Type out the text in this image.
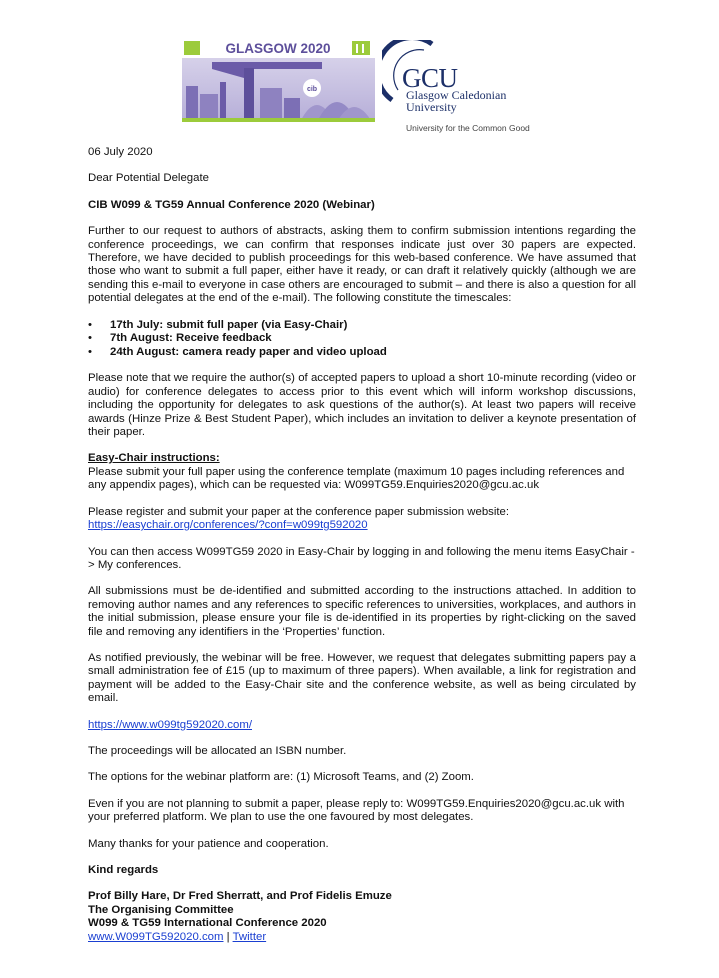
GLASGOW 2020
cib	GCU
Glasgow Caledonian
University
University for the Common Good

06 July 2020

Dear Potential Delegate

CIB W099 & TG59 Annual Conference 2020 (Webinar)

Further to our request to authors of abstracts, asking them to confirm submission intentions regarding the conference proceedings, we can confirm that responses indicate just over 30 papers are expected. Therefore, we have decided to publish proceedings for this web-based conference. We have assumed that those who want to submit a full paper, either have it ready, or can draft it relatively quickly (although we are sending this e-mail to everyone in case others are encouraged to submit – and there is also a question for all potential delegates at the end of the e-mail). The following constitute the timescales:

• 17th July: submit full paper (via Easy-Chair)
• 7th August: Receive feedback
• 24th August: camera ready paper and video upload

Please note that we require the author(s) of accepted papers to upload a short 10-minute recording (video or audio) for conference delegates to access prior to this event which will inform workshop discussions, including the opportunity for delegates to ask questions of the author(s). At least two papers will receive awards (Hinze Prize & Best Student Paper), which includes an invitation to deliver a keynote presentation of their paper.

Easy-Chair instructions:

Please submit your full paper using the conference template (maximum 10 pages including references and any appendix pages), which can be requested via: W099TG59.Enquiries2020@gcu.ac.uk

Please register and submit your paper at the conference paper submission website:

https://easychair.org/conferences/?conf=w099tg592020

You can then access W099TG59 2020 in Easy-Chair by logging in and following the menu items EasyChair -> My conferences.

All submissions must be de-identified and submitted according to the instructions attached. In addition to removing author names and any references to specific references to universities, workplaces, and authors in the initial submission, please ensure your file is de-identified in its properties by right-clicking on the saved file and removing any identifiers in the ‘Properties’ function.

As notified previously, the webinar will be free. However, we request that delegates submitting papers pay a small administration fee of £15 (up to maximum of three papers). When available, a link for registration and payment will be added to the Easy-Chair site and the conference website, as well as being circulated by email.

https://www.w099tg592020.com/

The proceedings will be allocated an ISBN number.

The options for the webinar platform are: (1) Microsoft Teams, and (2) Zoom.

Even if you are not planning to submit a paper, please reply to: W099TG59.Enquiries2020@gcu.ac.uk with your preferred platform. We plan to use the one favoured by most delegates.

Many thanks for your patience and cooperation.

Kind regards

Prof Billy Hare, Dr Fred Sherratt, and Prof Fidelis Emuze

The Organising Committee

W099 & TG59 International Conference 2020

www.W099TG592020.com | Twitter
